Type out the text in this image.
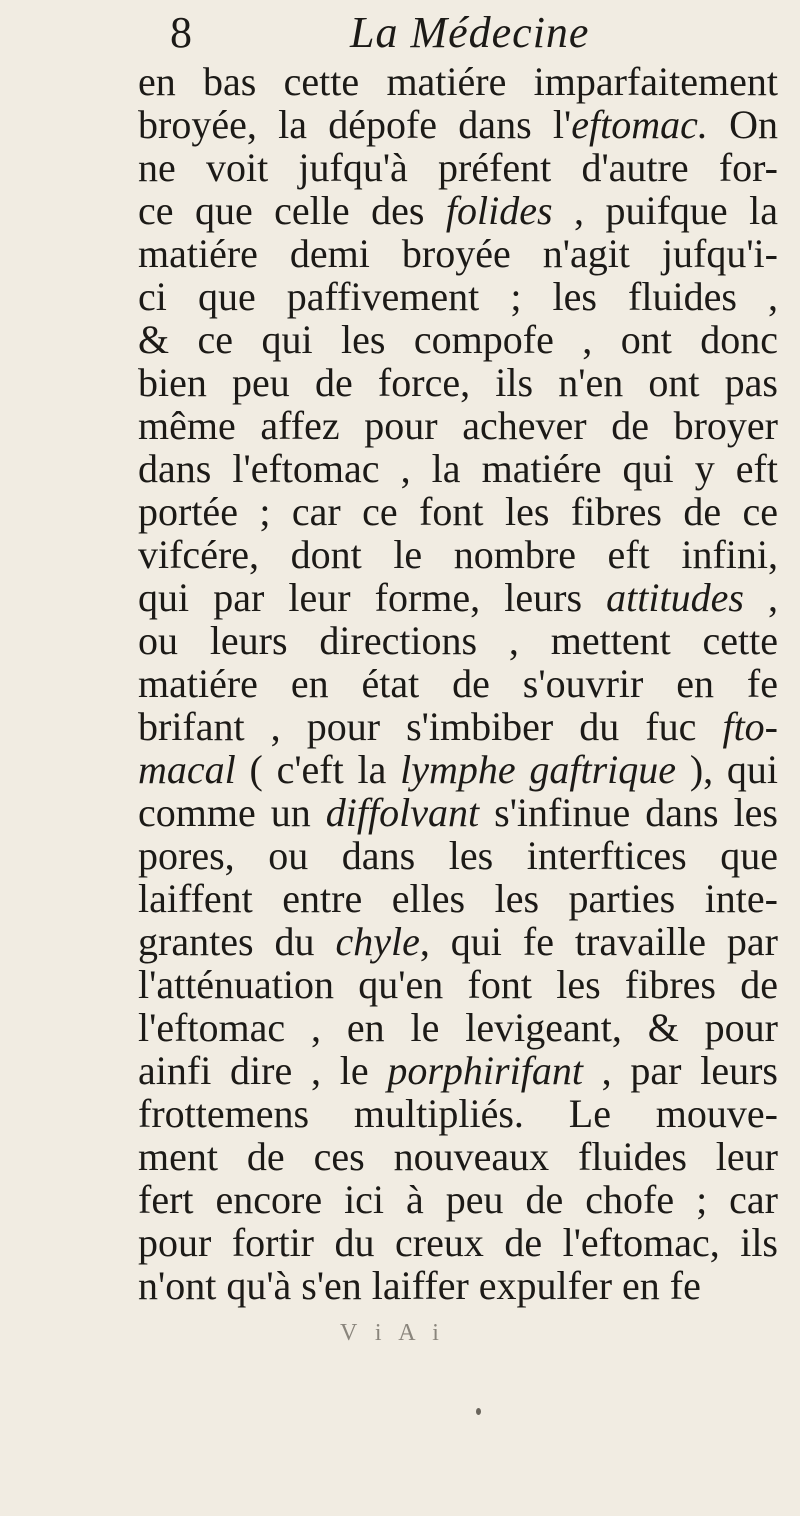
8	La Médecine
en bas cette matiére imparfaitement
broyée, la dépofe dans l'eftomac. On
ne voit jufqu'à préfent d'autre for-
ce que celle des folides , puifque la
matiére demi broyée n'agit jufqu'i-
ci que paffivement ; les fluides ,
& ce qui les compofe , ont donc
bien peu de force, ils n'en ont pas
même affez pour achever de broyer
dans l'eftomac , la matiére qui y eft
portée ; car ce font les fibres de ce
vifcére, dont le nombre eft infini,
qui par leur forme, leurs attitudes ,
ou leurs directions , mettent cette
matiére en état de s'ouvrir en fe
brifant , pour s'imbiber du fuc fto-
macal ( c'eft la lymphe gaftrique ), qui
comme un diffolvant s'infinue dans les
pores, ou dans les interftices que
laiffent entre elles les parties inte-
grantes du chyle, qui fe travaille par
l'atténuation qu'en font les fibres de
l'eftomac , en le levigeant, & pour
ainfi dire , le porphirifant , par leurs
frottemens multipliés. Le mouve-
ment de ces nouveaux fluides leur
fert encore ici à peu de chofe ; car
pour fortir du creux de l'eftomac, ils
n'ont qu'à s'en laiffer expulfer en fe
V i A i
